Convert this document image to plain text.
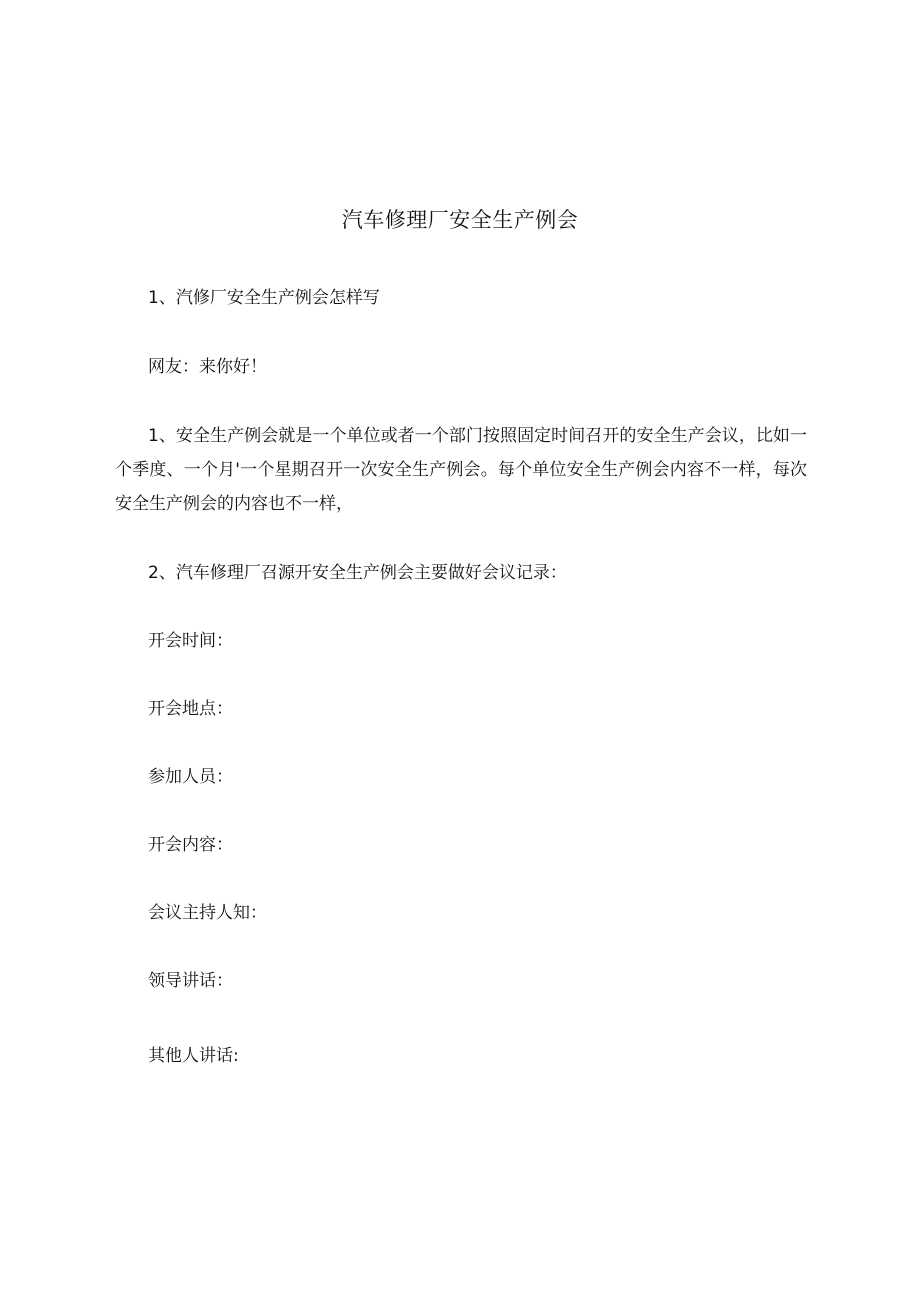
汽车修理厂安全生产例会
1、汽修厂安全生产例会怎样写
网友：来你好！
1、安全生产例会就是一个单位或者一个部门按照固定时间召开的安全生产会议，比如一个季度、一个月'一个星期召开一次安全生产例会。每个单位安全生产例会内容不一样，每次安全生产例会的内容也不一样，
2、汽车修理厂召源开安全生产例会主要做好会议记录：
开会时间：
开会地点：
参加人员：
开会内容：
会议主持人知：
领导讲话：
其他人讲话:
